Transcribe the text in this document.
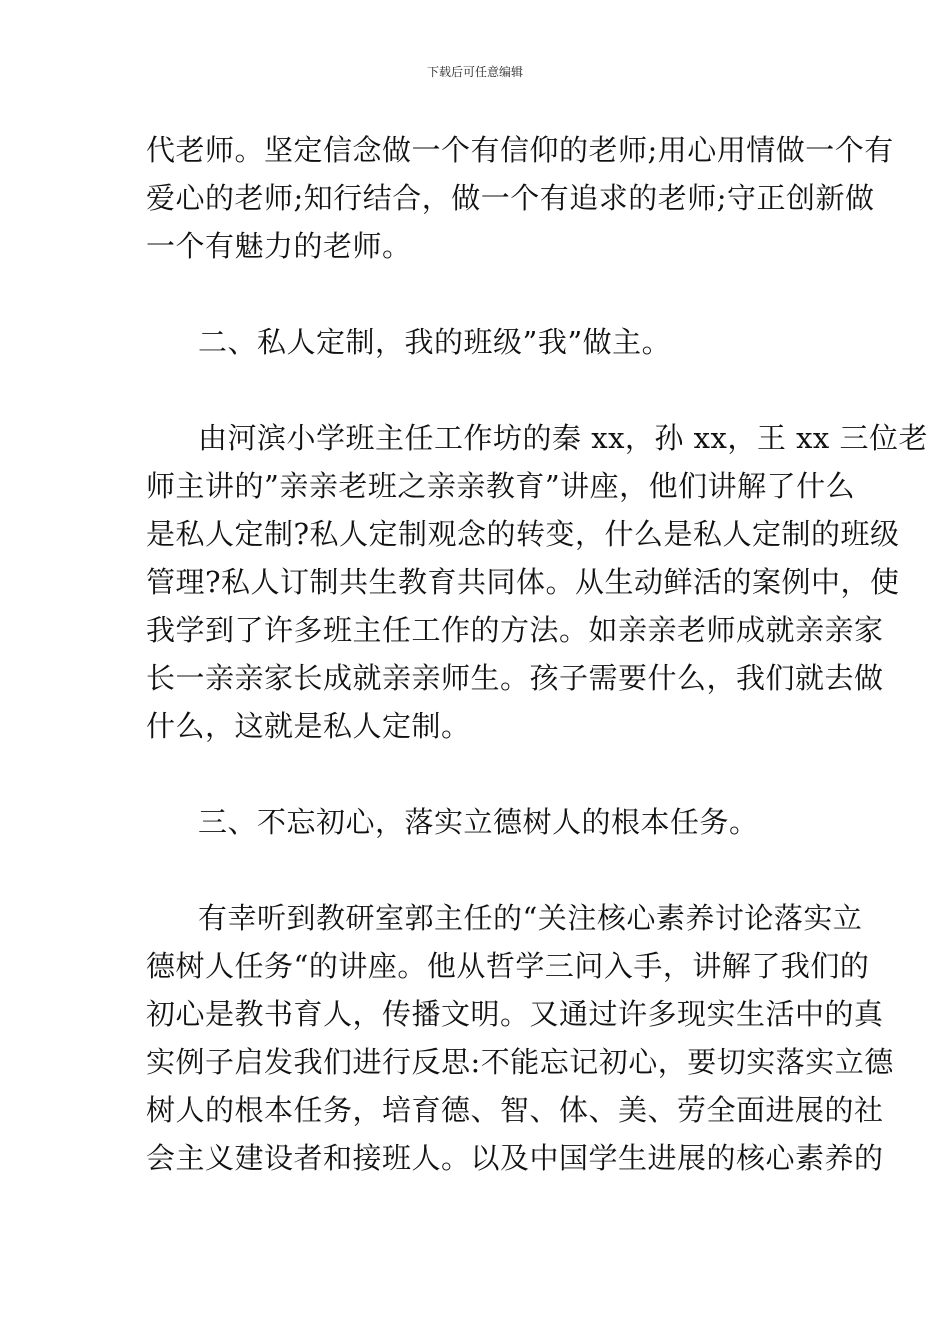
下载后可任意编辑
代老师。坚定信念做一个有信仰的老师;用心用情做一个有
爱心的老师;知行结合，做一个有追求的老师;守正创新做
一个有魅力的老师。
二、私人定制，我的班级”我”做主。
由河滨小学班主任工作坊的秦 xx，孙 xx，王 xx 三位老
师主讲的”亲亲老班之亲亲教育”讲座，他们讲解了什么
是私人定制?私人定制观念的转变，什么是私人定制的班级
管理?私人订制共生教育共同体。从生动鲜活的案例中，使
我学到了许多班主任工作的方法。如亲亲老师成就亲亲家
长一亲亲家长成就亲亲师生。孩子需要什么，我们就去做
什么，这就是私人定制。
三、不忘初心，落实立德树人的根本任务。
有幸听到教研室郭主任的“关注核心素养讨论落实立
德树人任务“的讲座。他从哲学三问入手，讲解了我们的
初心是教书育人，传播文明。又通过许多现实生活中的真
实例子启发我们进行反思:不能忘记初心，要切实落实立德
树人的根本任务，培育德、智、体、美、劳全面进展的社
会主义建设者和接班人。以及中国学生进展的核心素养的
